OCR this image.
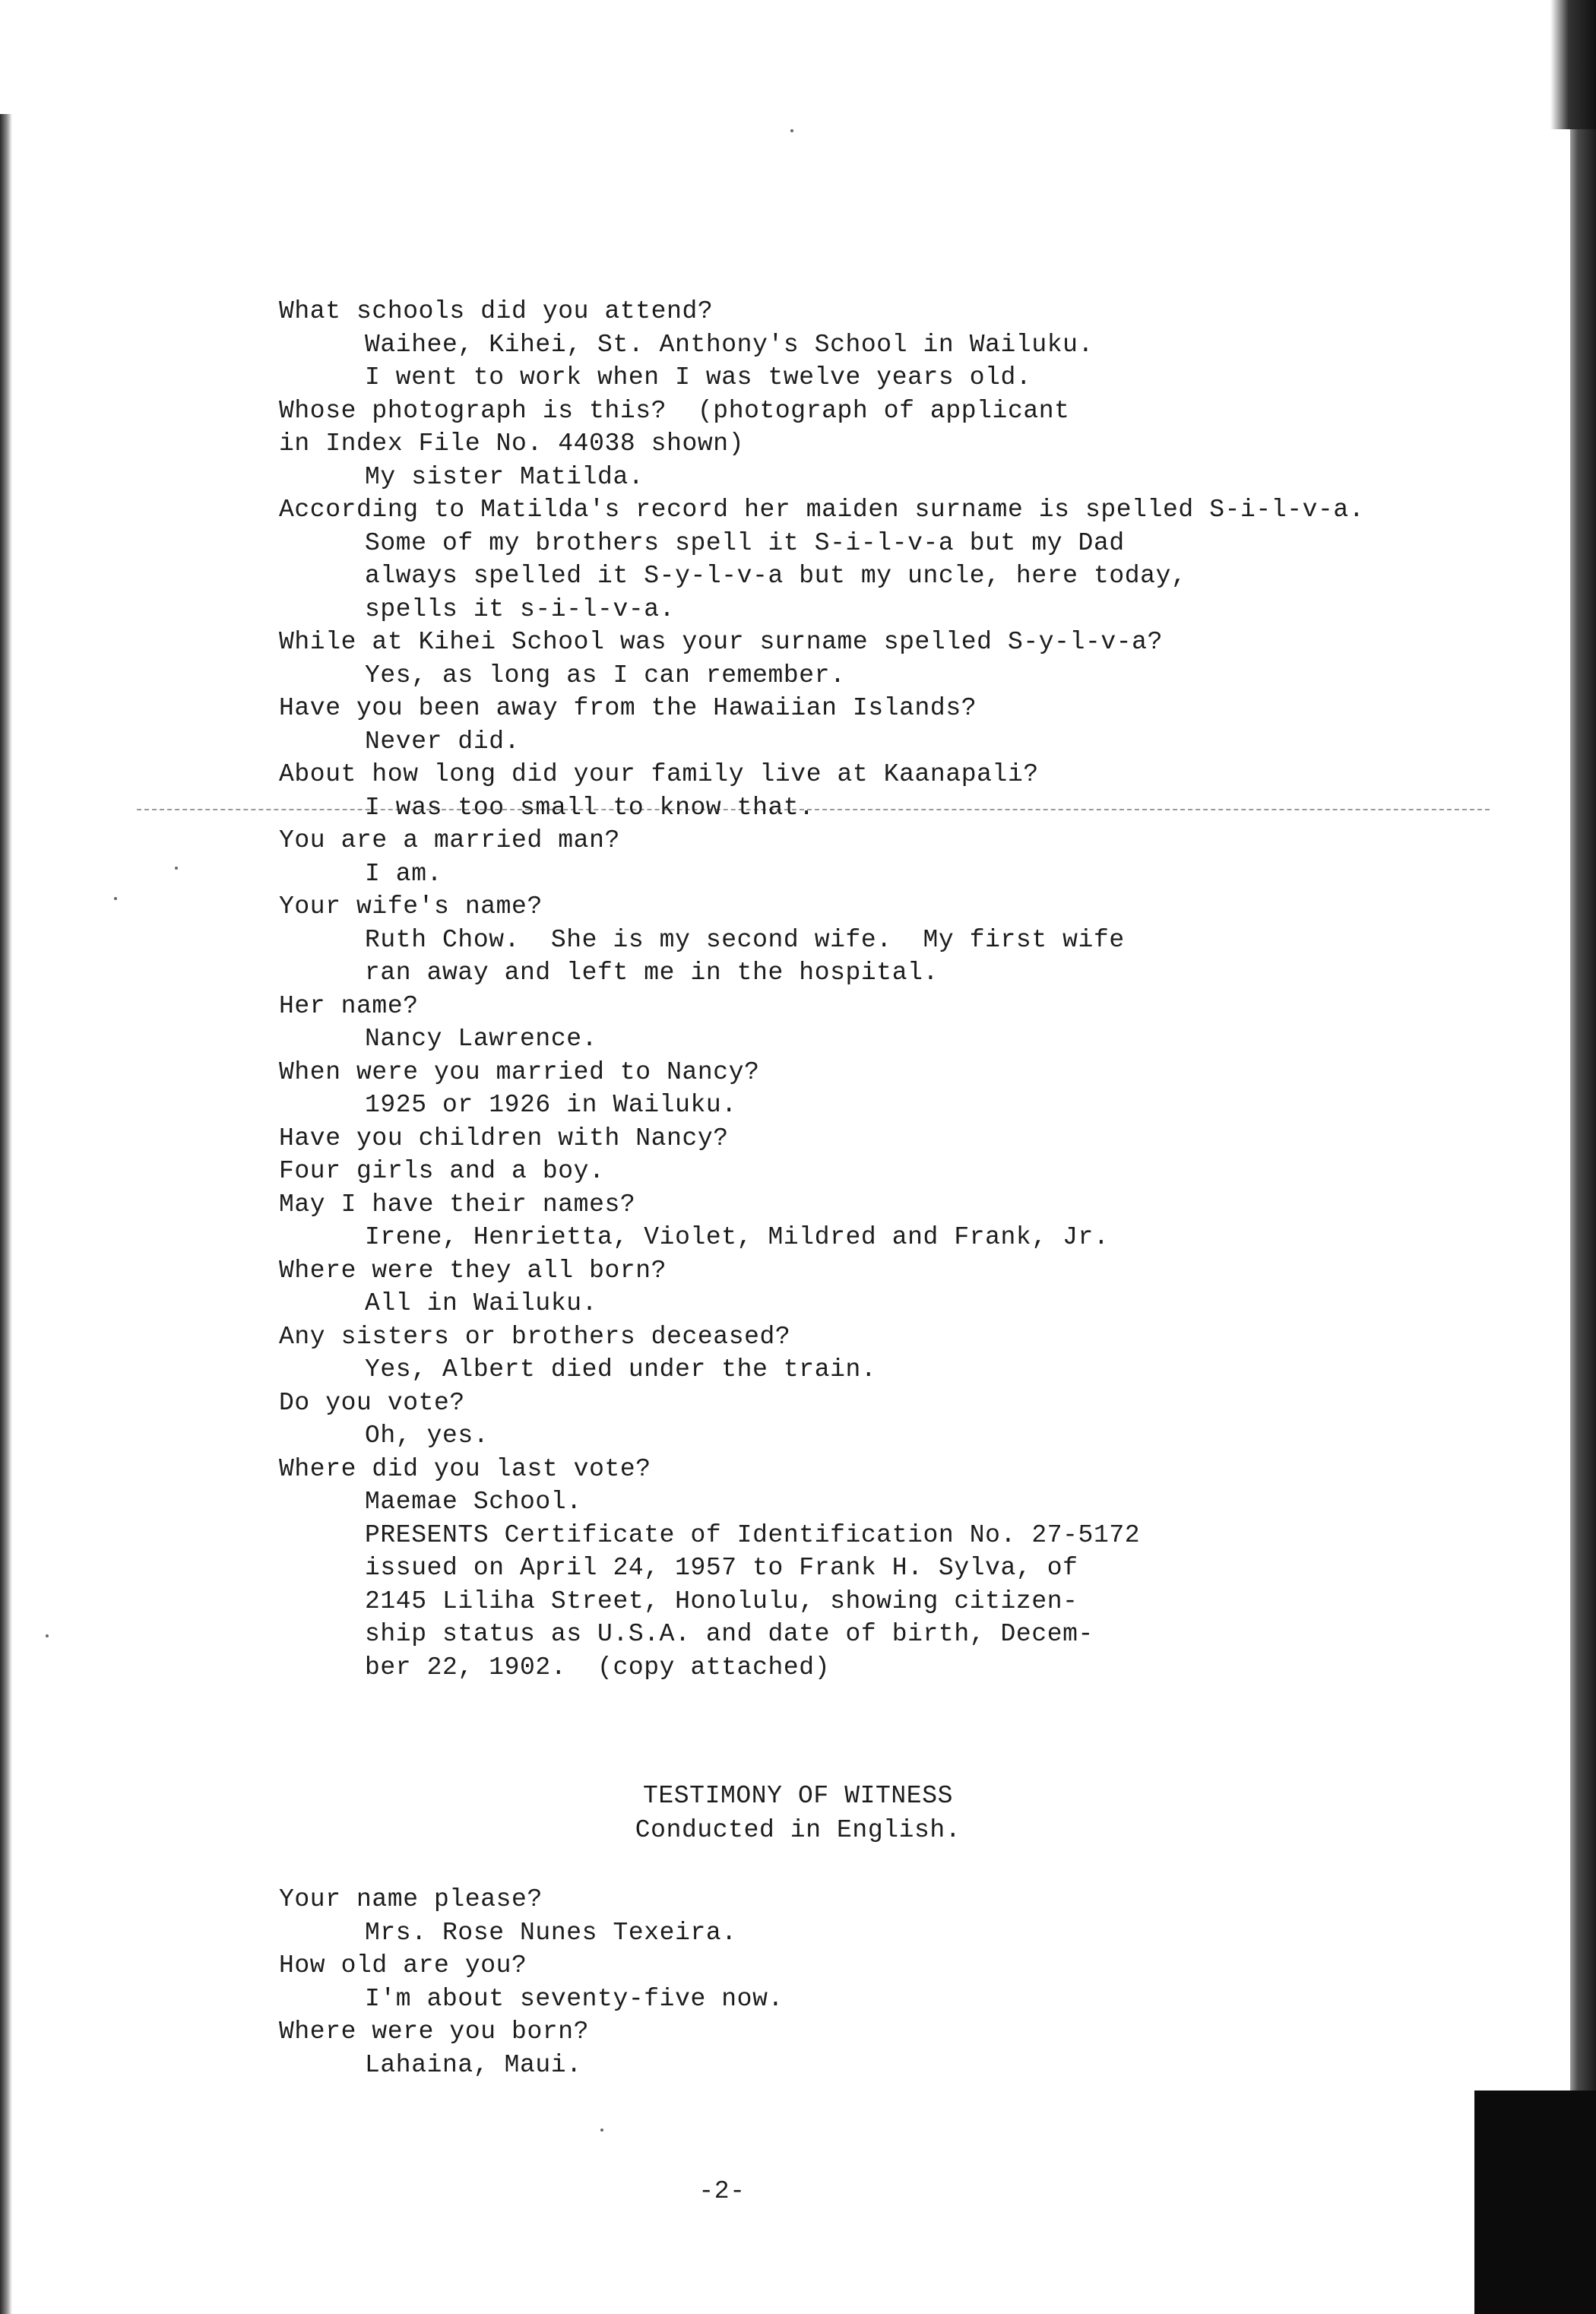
What schools did you attend?
Waihee, Kihei, St. Anthony's School in Wailuku.
I went to work when I was twelve years old.
Whose photograph is this?  (photograph of applicant
in Index File No. 44038 shown)
My sister Matilda.
According to Matilda's record her maiden surname is spelled S-i-l-v-a.
Some of my brothers spell it S-i-l-v-a but my Dad
always spelled it S-y-l-v-a but my uncle, here today,
spells it s-i-l-v-a.
While at Kihei School was your surname spelled S-y-l-v-a?
Yes, as long as I can remember.
Have you been away from the Hawaiian Islands?
Never did.
About how long did your family live at Kaanapali?
I was too small to know that.
You are a married man?
I am.
Your wife's name?
Ruth Chow.  She is my second wife.  My first wife
ran away and left me in the hospital.
Her name?
Nancy Lawrence.
When were you married to Nancy?
1925 or 1926 in Wailuku.
Have you children with Nancy?
Four girls and a boy.
May I have their names?
Irene, Henrietta, Violet, Mildred and Frank, Jr.
Where were they all born?
All in Wailuku.
Any sisters or brothers deceased?
Yes, Albert died under the train.
Do you vote?
Oh, yes.
Where did you last vote?
Maemae School.
PRESENTS Certificate of Identification No. 27-5172
issued on April 24, 1957 to Frank H. Sylva, of
2145 Liliha Street, Honolulu, showing citizen-
ship status as U.S.A. and date of birth, Decem-
ber 22, 1902.  (copy attached)
TESTIMONY OF WITNESS
Conducted in English.
Your name please?
Mrs. Rose Nunes Texeira.
How old are you?
I'm about seventy-five now.
Where were you born?
Lahaina, Maui.
-2-
